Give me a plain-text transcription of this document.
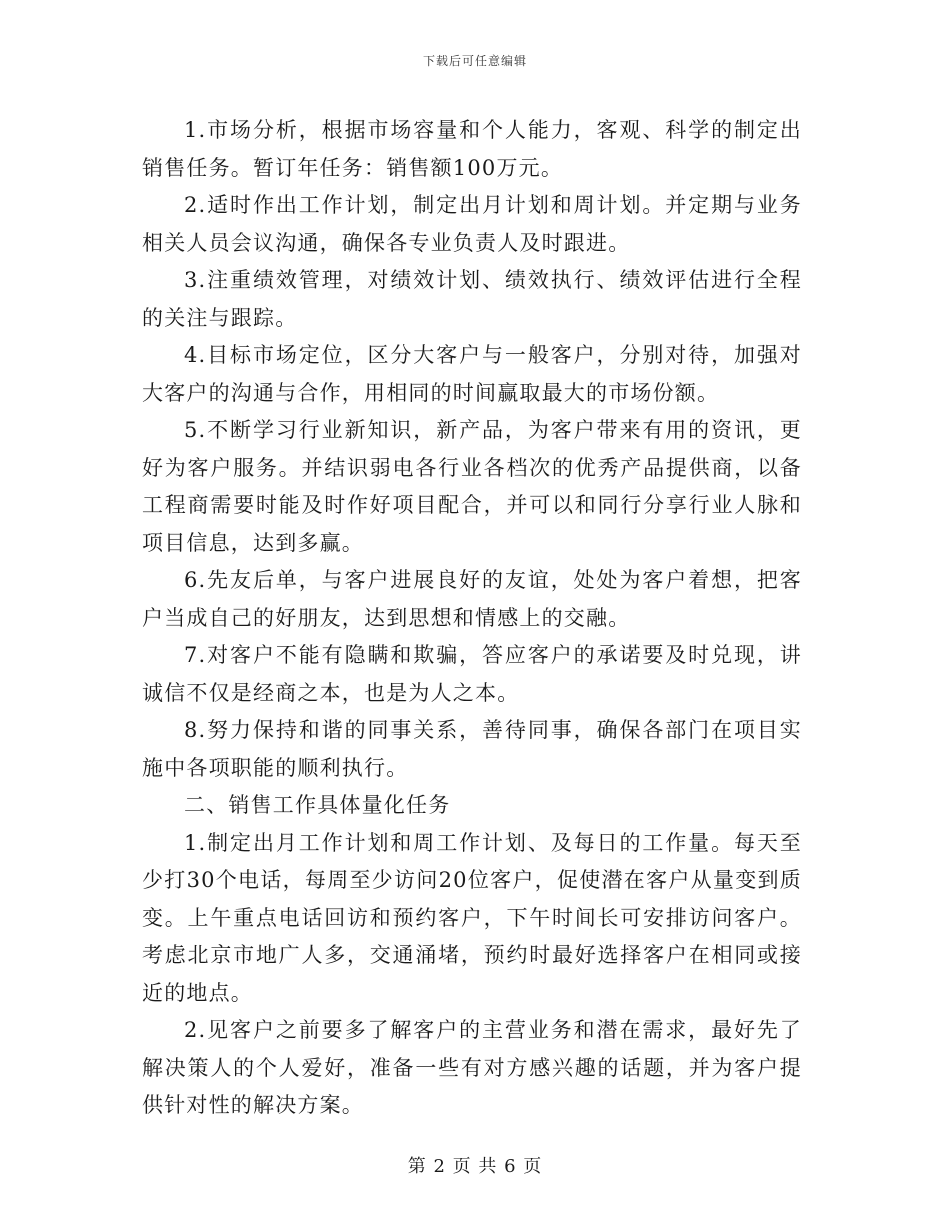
下载后可任意编辑

1.市场分析，根据市场容量和个人能力，客观、科学的制定出销售任务。暂订年任务：销售额100万元。

2.适时作出工作计划，制定出月计划和周计划。并定期与业务相关人员会议沟通，确保各专业负责人及时跟进。

3.注重绩效管理，对绩效计划、绩效执行、绩效评估进行全程的关注与跟踪。

4.目标市场定位，区分大客户与一般客户，分别对待，加强对大客户的沟通与合作，用相同的时间赢取最大的市场份额。

5.不断学习行业新知识，新产品，为客户带来有用的资讯，更好为客户服务。并结识弱电各行业各档次的优秀产品提供商，以备工程商需要时能及时作好项目配合，并可以和同行分享行业人脉和项目信息，达到多赢。

6.先友后单，与客户进展良好的友谊，处处为客户着想，把客户当成自己的好朋友，达到思想和情感上的交融。

7.对客户不能有隐瞒和欺骗，答应客户的承诺要及时兑现，讲诚信不仅是经商之本，也是为人之本。

8.努力保持和谐的同事关系，善待同事，确保各部门在项目实施中各项职能的顺利执行。

二、销售工作具体量化任务

1.制定出月工作计划和周工作计划、及每日的工作量。每天至少打30个电话，每周至少访问20位客户，促使潜在客户从量变到质变。上午重点电话回访和预约客户，下午时间长可安排访问客户。考虑北京市地广人多，交通涌堵，预约时最好选择客户在相同或接近的地点。

2.见客户之前要多了解客户的主营业务和潜在需求，最好先了解决策人的个人爱好，准备一些有对方感兴趣的话题，并为客户提供针对性的解决方案。

第 2 页 共 6 页
